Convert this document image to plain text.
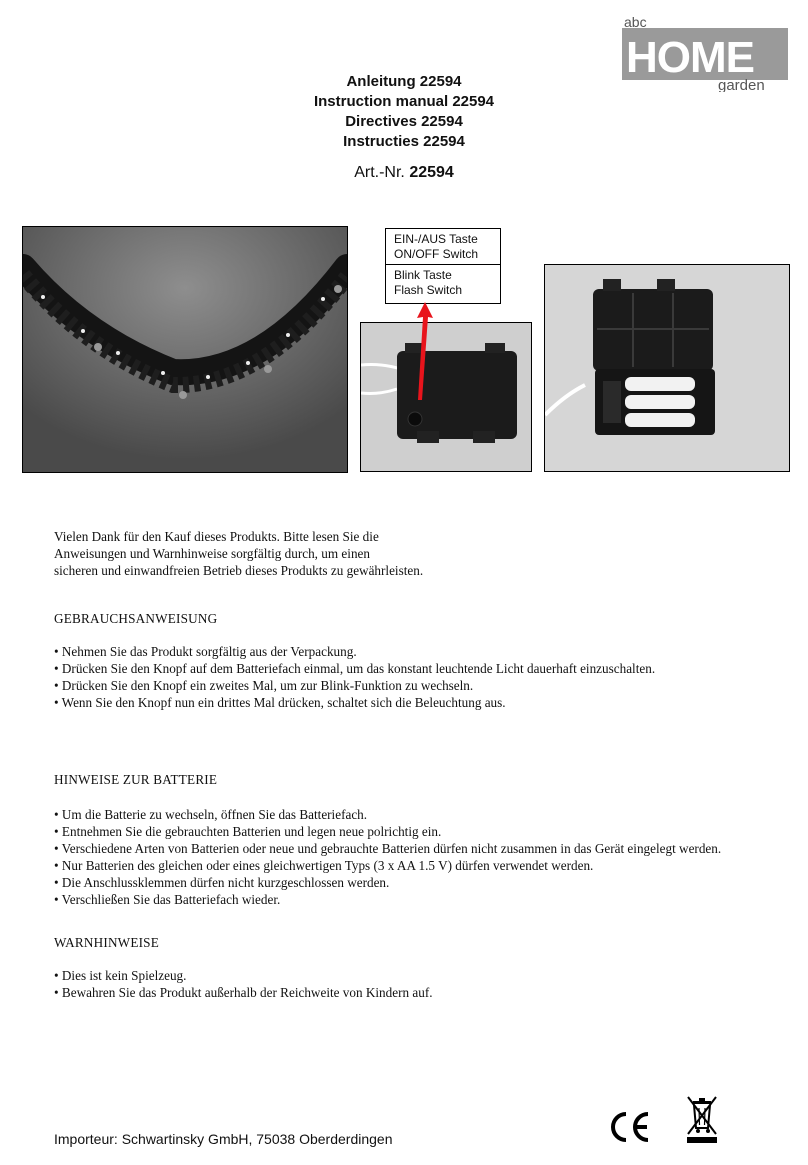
abc
HOME
garden
Anleitung 22594
Instruction manual 22594
Directives 22594
Instructies 22594
Art.-Nr. 22594
EIN-/AUS Taste
ON/OFF Switch
Blink Taste
Flash Switch
Vielen Dank für den Kauf dieses Produkts. Bitte lesen Sie die
Anweisungen und Warnhinweise sorgfältig durch, um einen
sicheren und einwandfreien Betrieb dieses Produkts zu gewährleisten.
GEBRAUCHSANWEISUNG
• Nehmen Sie das Produkt sorgfältig aus der Verpackung.
• Drücken Sie den Knopf auf dem Batteriefach einmal, um das konstant leuchtende Licht dauerhaft einzuschalten.
• Drücken Sie den Knopf ein zweites Mal, um zur Blink-Funktion zu wechseln.
• Wenn Sie den Knopf nun ein drittes Mal drücken, schaltet sich die Beleuchtung aus.
HINWEISE ZUR BATTERIE
• Um die Batterie zu wechseln, öffnen Sie das Batteriefach.
• Entnehmen Sie die gebrauchten Batterien und legen neue polrichtig ein.
• Verschiedene Arten von Batterien oder neue und gebrauchte Batterien dürfen nicht zusammen in das Gerät eingelegt werden.
• Nur Batterien des gleichen oder eines gleichwertigen Typs (3 x AA 1.5 V) dürfen verwendet werden.
• Die Anschlussklemmen dürfen nicht kurzgeschlossen werden.
• Verschließen Sie das Batteriefach wieder.
WARNHINWEISE
• Dies ist kein Spielzeug.
• Bewahren Sie das Produkt außerhalb der Reichweite von Kindern auf.
Importeur: Schwartinsky GmbH, 75038 Oberderdingen
